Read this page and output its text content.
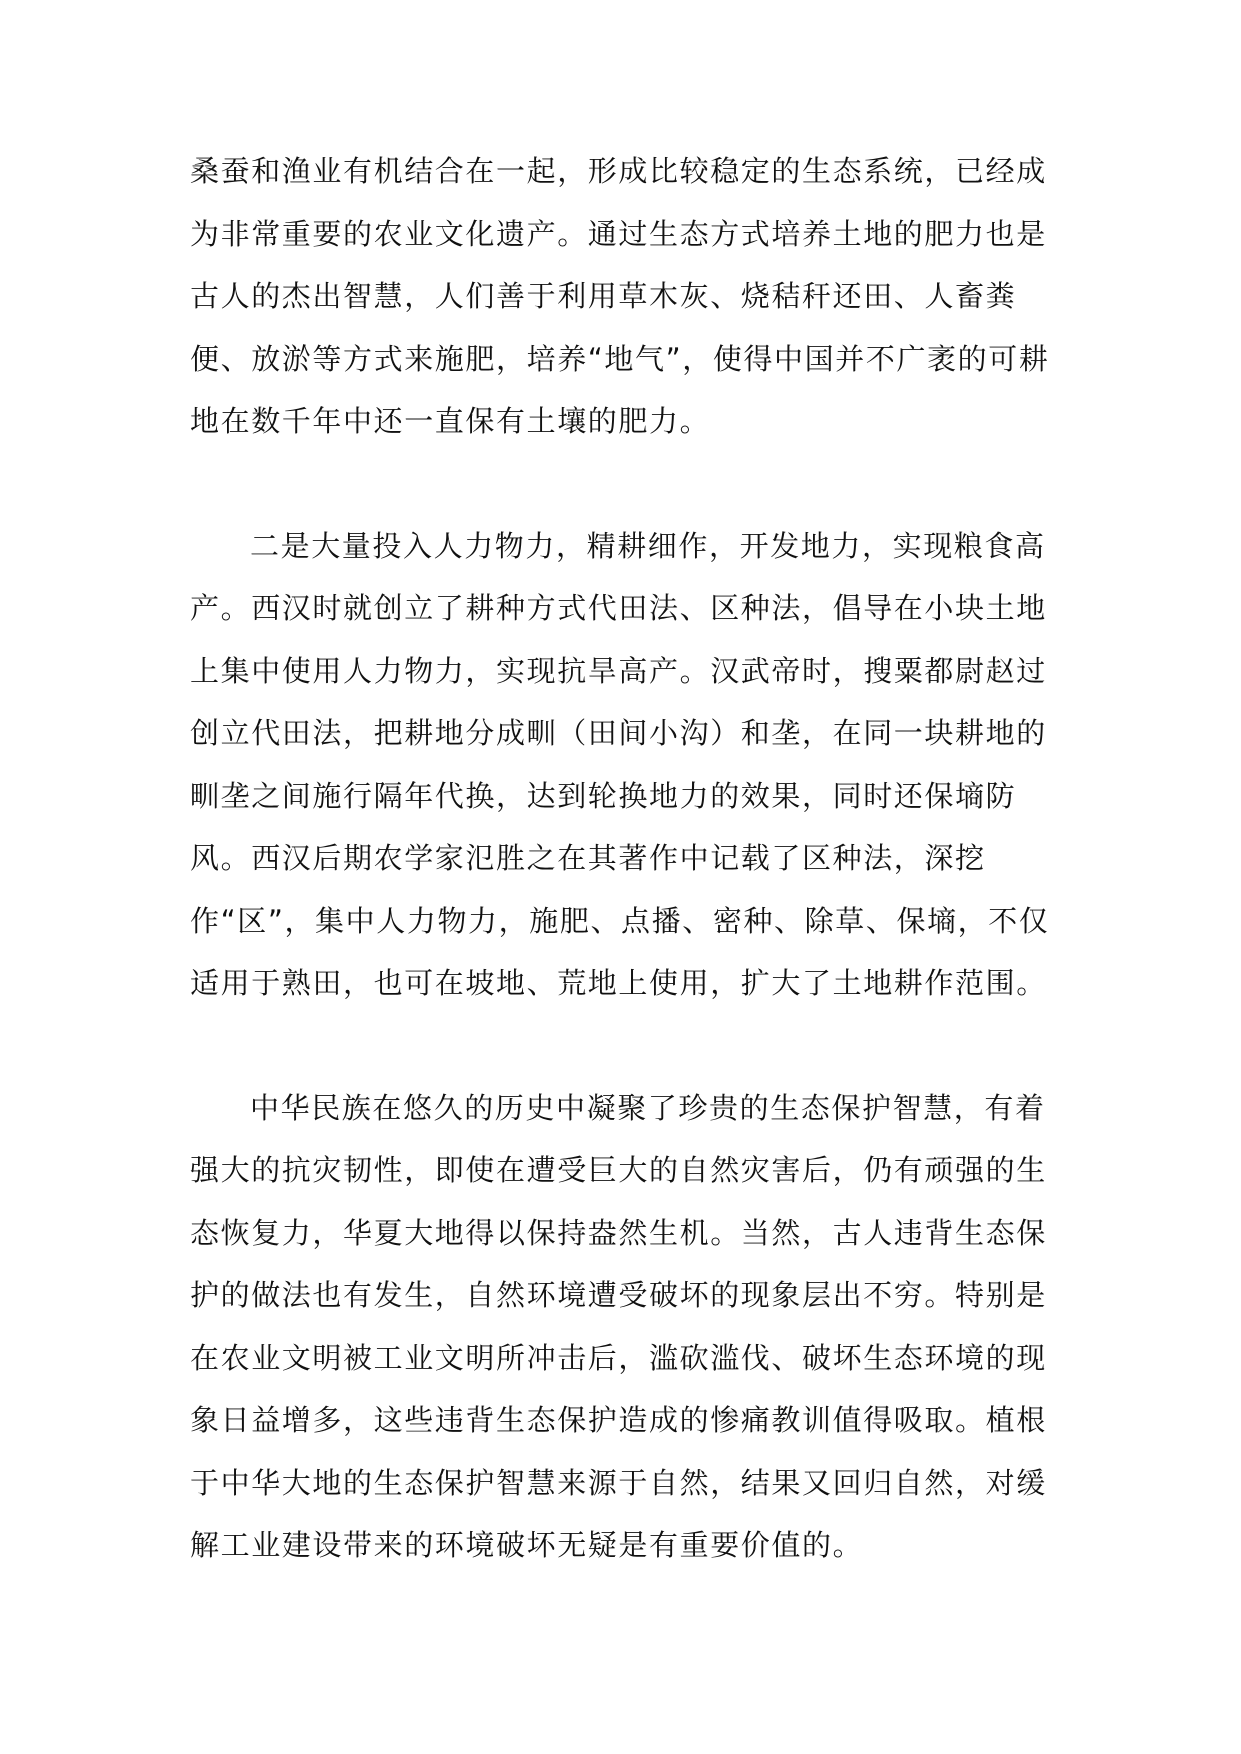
桑蚕和渔业有机结合在一起，形成比较稳定的生态系统，已经成为非常重要的农业文化遗产。通过生态方式培养土地的肥力也是古人的杰出智慧，人们善于利用草木灰、烧秸秆还田、人畜粪便、放淤等方式来施肥，培养“地气”，使得中国并不广袤的可耕地在数千年中还一直保有土壤的肥力。

二是大量投入人力物力，精耕细作，开发地力，实现粮食高产。西汉时就创立了耕种方式代田法、区种法，倡导在小块土地上集中使用人力物力，实现抗旱高产。汉武帝时，搜粟都尉赵过创立代田法，把耕地分成甽（田间小沟）和垄，在同一块耕地的甽垄之间施行隔年代换，达到轮换地力的效果，同时还保墒防风。西汉后期农学家氾胜之在其著作中记载了区种法，深挖作“区”，集中人力物力，施肥、点播、密种、除草、保墒，不仅适用于熟田，也可在坡地、荒地上使用，扩大了土地耕作范围。

中华民族在悠久的历史中凝聚了珍贵的生态保护智慧，有着强大的抗灾韧性，即使在遭受巨大的自然灾害后，仍有顽强的生态恢复力，华夏大地得以保持盎然生机。当然，古人违背生态保护的做法也有发生，自然环境遭受破坏的现象层出不穷。特别是在农业文明被工业文明所冲击后，滥砍滥伐、破坏生态环境的现象日益增多，这些违背生态保护造成的惨痛教训值得吸取。植根于中华大地的生态保护智慧来源于自然，结果又回归自然，对缓解工业建设带来的环境破坏无疑是有重要价值的。
